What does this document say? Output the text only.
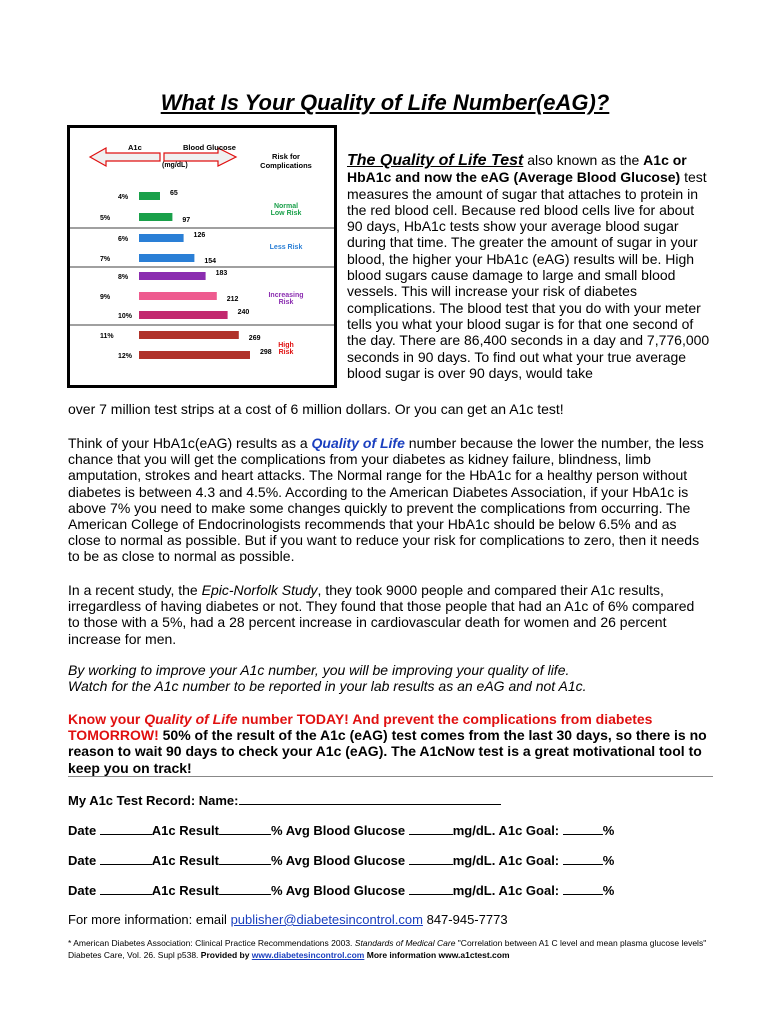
What Is Your Quality of Life Number(eAG)?
A1c	Blood Glucose
(mg/dL)
Risk for
Complications
4%
65
5%	97
6%
126
7%	154
8%
183
9%	212
10%
240
11%	269
12%
298
Normal
Low Risk
Less Risk
Increasing
Risk
High
Risk

The Quality of Life Test also known as the A1c or HbA1c and now the eAG (Average Blood Glucose) test measures the amount of sugar that attaches to protein in the red blood cell. Because red blood cells live for about 90 days, HbA1c tests show your average blood sugar during that time. The greater the amount of sugar in your blood, the higher your HbA1c (eAG) results will be. High blood sugars cause damage to large and small blood vessels. This will increase your risk of diabetes complications. The blood test that you do with your meter tells you what your blood sugar is for that one second of the day. There are 86,400 seconds in a day and 7,776,000 seconds in 90 days. To find out what your true average blood sugar is over 90 days, would take

over 7 million test strips at a cost of 6 million dollars. Or you can get an A1c test!

Think of your HbA1c(eAG) results as a Quality of Life number because the lower the number, the less chance that you will get the complications from your diabetes as kidney failure, blindness, limb amputation, strokes and heart attacks. The Normal range for the HbA1c for a healthy person without diabetes is between 4.3 and 4.5%. According to the American Diabetes Association, if your HbA1c is above 7% you need to make some changes quickly to prevent the complications from occurring. The American College of Endocrinologists recommends that your HbA1c should be below 6.5% and as close to normal as possible. But if you want to reduce your risk for complications to zero, then it needs to be as close to normal as possible.

In a recent study, the Epic-Norfolk Study, they took 9000 people and compared their A1c results, irregardless of having diabetes or not. They found that those people that had an A1c of 6% compared to those with a 5%, had a 28 percent increase in cardiovascular death for women and 26 percent increase for men.

By working to improve your A1c number, you will be improving your quality of life.
Watch for the A1c number to be reported in your lab results as an eAG and not A1c.

Know your Quality of Life number TODAY! And prevent the complications from diabetes TOMORROW! 50% of the result of the A1c (eAG) test comes from the last 30 days, so there is no reason to wait 90 days to check your A1c (eAG). The A1cNow test is a great motivational tool to keep you on track!

My A1c Test Record: Name:
Date	A1c Result	% Avg Blood Glucose	mg/dL. A1c Goal:	%
Date	A1c Result	% Avg Blood Glucose	mg/dL. A1c Goal:	%
Date	A1c Result	% Avg Blood Glucose	mg/dL. A1c Goal:	%
For more information: email publisher@diabetesincontrol.com 847-945-7773
* American Diabetes Association: Clinical Practice Recommendations 2003. Standards of Medical Care "Correlation between A1 C level and mean plasma glucose levels" Diabetes Care, Vol. 26. Supl p538. Provided by www.diabetesincontrol.com More information www.a1ctest.com
